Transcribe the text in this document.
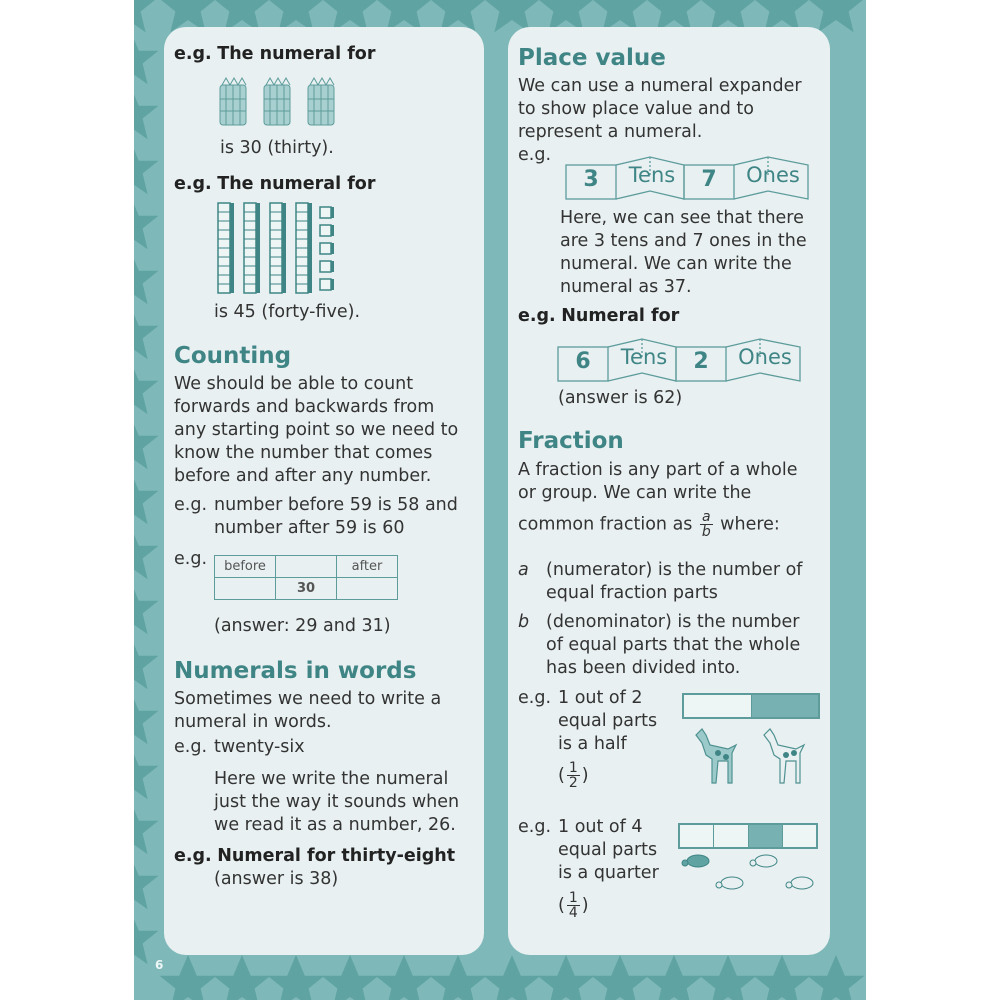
e.g. The numeral for
is 30 (thirty).
e.g. The numeral for
is 45 (forty-five).
Counting
We should be able to count
forwards and backwards from
any starting point so we need to
know the number that comes
before and after any number.
e.g. number before 59 is 58 and
number after 59 is 60
e.g. before		after
	30	
(answer: 29 and 31)
Numerals in words
Sometimes we need to write a
numeral in words.
e.g. twenty-six
Here we write the numeral
just the way it sounds when
we read it as a number, 26.
e.g. Numeral for thirty-eight
(answer is 38)
Place value
We can use a numeral expander
to show place value and to
represent a numeral.
e.g.
3	Tens	7	Ones
Here, we can see that there
are 3 tens and 7 ones in the
numeral. We can write the
numeral as 37.
e.g. Numeral for
6	Tens	2	Ones
(answer is 62)
Fraction
A fraction is any part of a whole
or group. We can write the
common fraction as $\frac{a}{b}$ where:
a (numerator) is the number of
equal fraction parts
b (denominator) is the number
of equal parts that the whole
has been divided into.
e.g. 1 out of 2
equal parts
is a half
( $\frac{1}{2}$ )
e.g. 1 out of 4
equal parts
is a quarter
( $\frac{1}{4}$ )
6
